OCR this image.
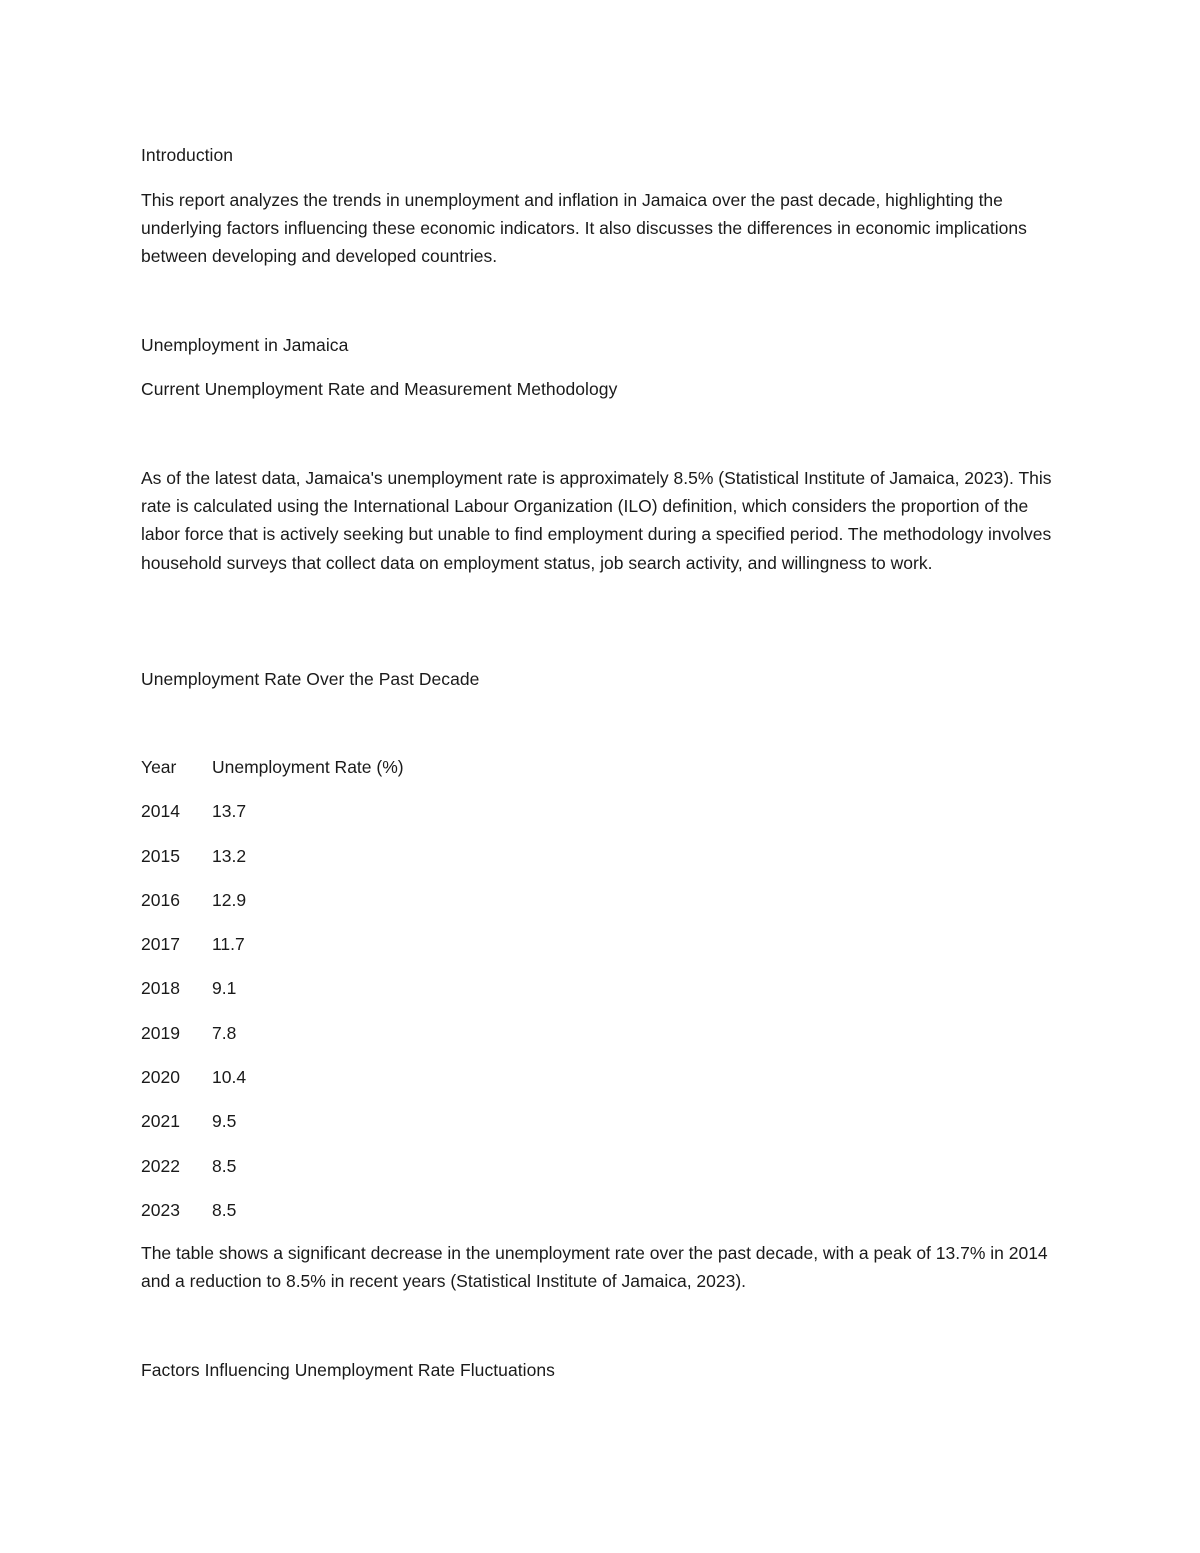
Introduction

This report analyzes the trends in unemployment and inflation in Jamaica over the past decade, highlighting the underlying factors influencing these economic indicators. It also discusses the differences in economic implications between developing and developed countries.

Unemployment in Jamaica
Current Unemployment Rate and Measurement Methodology

As of the latest data, Jamaica's unemployment rate is approximately 8.5% (Statistical Institute of Jamaica, 2023). This rate is calculated using the International Labour Organization (ILO) definition, which considers the proportion of the labor force that is actively seeking but unable to find employment during a specified period. The methodology involves household surveys that collect data on employment status, job search activity, and willingness to work.

Unemployment Rate Over the Past Decade
Year	Unemployment Rate (%)
2014	13.7
2015	13.2
2016	12.9
2017	11.7
2018	9.1
2019	7.8
2020	10.4
2021	9.5
2022	8.5
2023	8.5

The table shows a significant decrease in the unemployment rate over the past decade, with a peak of 13.7% in 2014 and a reduction to 8.5% in recent years (Statistical Institute of Jamaica, 2023).

Factors Influencing Unemployment Rate Fluctuations
